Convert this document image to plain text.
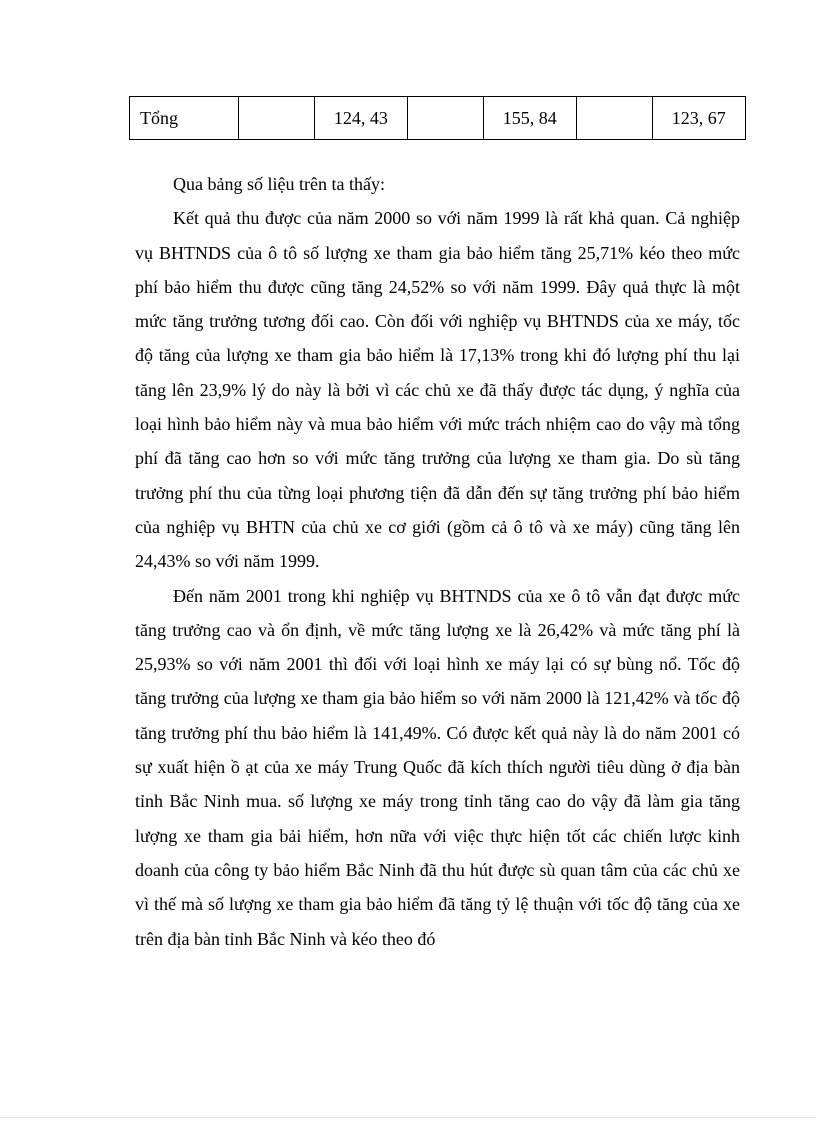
Tổng		124, 43		155, 84		123, 67

Qua bảng số liệu trên ta thấy:

Kết quả thu được của năm 2000 so với năm 1999 là rất khả quan. Cả nghiệp vụ BHTNDS của ô tô số lượng xe tham gia bảo hiểm tăng 25,71% kéo theo mức phí bảo hiểm thu được cũng tăng 24,52% so với năm 1999. Đây quả thực là một mức tăng trưởng tương đối cao. Còn đối với nghiệp vụ BHTNDS của xe máy, tốc độ tăng của lượng xe tham gia bảo hiểm là 17,13% trong khi đó lượng phí thu lại tăng lên 23,9% lý do này là bởi vì các chủ xe đã thấy được tác dụng, ý nghĩa của loại hình bảo hiểm này và mua bảo hiểm với mức trách nhiệm cao do vậy mà tổng phí đã tăng cao hơn so với mức tăng trưởng của lượng xe tham gia. Do sù tăng trưởng phí thu của từng loại phương tiện đã dẫn đến sự tăng trưởng phí bảo hiểm của nghiệp vụ BHTN của chủ xe cơ giới (gồm cả ô tô và xe máy) cũng tăng lên 24,43% so với năm 1999.

Đến năm 2001 trong khi nghiệp vụ BHTNDS của xe ô tô vẫn đạt được mức tăng trưởng cao và ổn định, về mức tăng lượng xe là 26,42% và mức tăng phí là 25,93% so với năm 2001 thì đối với loại hình xe máy lại có sự bùng nổ. Tốc độ tăng trưởng của lượng xe tham gia bảo hiểm so với năm 2000 là 121,42% và tốc độ tăng trưởng phí thu bảo hiểm là 141,49%. Có được kết quả này là do năm 2001 có sự xuất hiện ồ ạt của xe máy Trung Quốc đã kích thích người tiêu dùng ở địa bàn tỉnh Bắc Ninh mua. số lượng xe máy trong tỉnh tăng cao do vậy đã làm gia tăng lượng xe tham gia bải hiểm, hơn nữa với việc thực hiện tốt các chiến lược kinh doanh của công ty bảo hiểm Bắc Ninh đã thu hút được sù quan tâm của các chủ xe vì thế mà số lượng xe tham gia bảo hiểm đã tăng tỷ lệ thuận với tốc độ tăng của xe trên địa bàn tỉnh Bắc Ninh và kéo theo đó
